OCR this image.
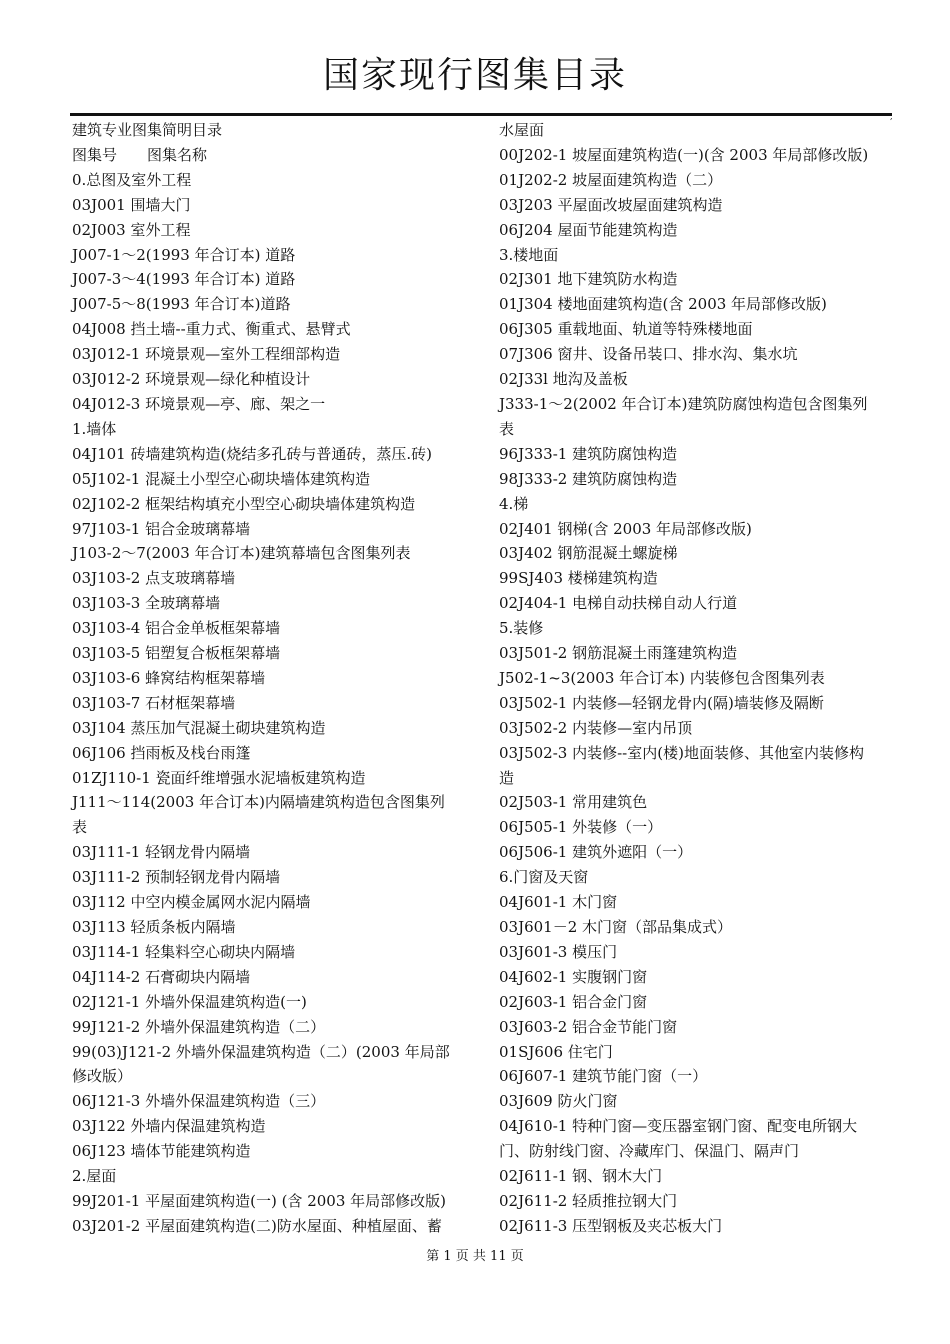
国家现行图集目录
,
建筑专业图集简明目录
图集号　　图集名称
0.总图及室外工程
03J001 围墙大门
02J003 室外工程
J007-1～2(1993 年合订本) 道路
J007-3～4(1993 年合订本) 道路
J007-5～8(1993 年合订本)道路
04J008 挡土墙--重力式、衡重式、悬臂式
03J012-1 环境景观—室外工程细部构造
03J012-2 环境景观—绿化种植设计
04J012-3 环境景观—亭、廊、架之一
1.墙体
04J101 砖墙建筑构造(烧结多孔砖与普通砖，蒸压.砖)
05J102-1 混凝土小型空心砌块墙体建筑构造
02J102-2 框架结构填充小型空心砌块墙体建筑构造
97J103-1 铝合金玻璃幕墙
J103-2～7(2003 年合订本)建筑幕墙包含图集列表
03J103-2 点支玻璃幕墙
03J103-3 全玻璃幕墙
03J103-4 铝合金单板框架幕墙
03J103-5 铝塑复合板框架幕墙
03J103-6 蜂窝结构框架幕墙
03J103-7 石材框架幕墙
03J104 蒸压加气混凝土砌块建筑构造
06J106 挡雨板及栈台雨篷
01ZJ110-1 瓷面纤维增强水泥墙板建筑构造
J111～114(2003 年合订本)内隔墙建筑构造包含图集列
表
03J111-1 轻钢龙骨内隔墙
03J111-2 预制轻钢龙骨内隔墙
03J112 中空内模金属网水泥内隔墙
03J113 轻质条板内隔墙
03J114-1 轻集料空心砌块内隔墙
04J114-2 石膏砌块内隔墙
02J121-1 外墙外保温建筑构造(一)
99J121-2 外墙外保温建筑构造（二）
99(03)J121-2 外墙外保温建筑构造（二）(2003 年局部
修改版）
06J121-3 外墙外保温建筑构造（三）
03J122 外墙内保温建筑构造
06J123 墙体节能建筑构造
2.屋面
99J201-1 平屋面建筑构造(一) (含 2003 年局部修改版)
03J201-2 平屋面建筑构造(二)防水屋面、种植屋面、蓄
水屋面
00J202-1 坡屋面建筑构造(一)(含 2003 年局部修改版)
01J202-2 坡屋面建筑构造（二）
03J203 平屋面改坡屋面建筑构造
06J204 屋面节能建筑构造
3.楼地面
02J301 地下建筑防水构造
01J304 楼地面建筑构造(含 2003 年局部修改版)
06J305 重载地面、轨道等特殊楼地面
07J306 窗井、设备吊装口、排水沟、集水坑
02J33l 地沟及盖板
J333-1～2(2002 年合订本)建筑防腐蚀构造包含图集列
表
96J333-1 建筑防腐蚀构造
98J333-2 建筑防腐蚀构造
4.梯
02J401 钢梯(含 2003 年局部修改版)
03J402 钢筋混凝土螺旋梯
99SJ403 楼梯建筑构造
02J404-1 电梯自动扶梯自动人行道
5.装修
03J501-2 钢筋混凝土雨篷建筑构造
J502-1~3(2003 年合订本) 内装修包含图集列表
03J502-1 内装修—轻钢龙骨内(隔)墙装修及隔断
03J502-2 内装修—室内吊顶
03J502-3 内装修--室内(楼)地面装修、其他室内装修构
造
02J503-1 常用建筑色
06J505-1 外装修（一）
06J506-1 建筑外遮阳（一）
6.门窗及天窗
04J601-1 木门窗
03J601－2 木门窗（部品集成式）
03J601-3 模压门
04J602-1 实腹钢门窗
02J603-1 铝合金门窗
03J603-2 铝合金节能门窗
01SJ606 住宅门
06J607-1 建筑节能门窗（一）
03J609 防火门窗
04J610-1 特种门窗—变压器室钢门窗、配变电所钢大
门、防射线门窗、冷藏库门、保温门、隔声门
02J611-1 钢、钢木大门
02J611-2 轻质推拉钢大门
02J611-3 压型钢板及夹芯板大门
第 1 页 共 11 页
